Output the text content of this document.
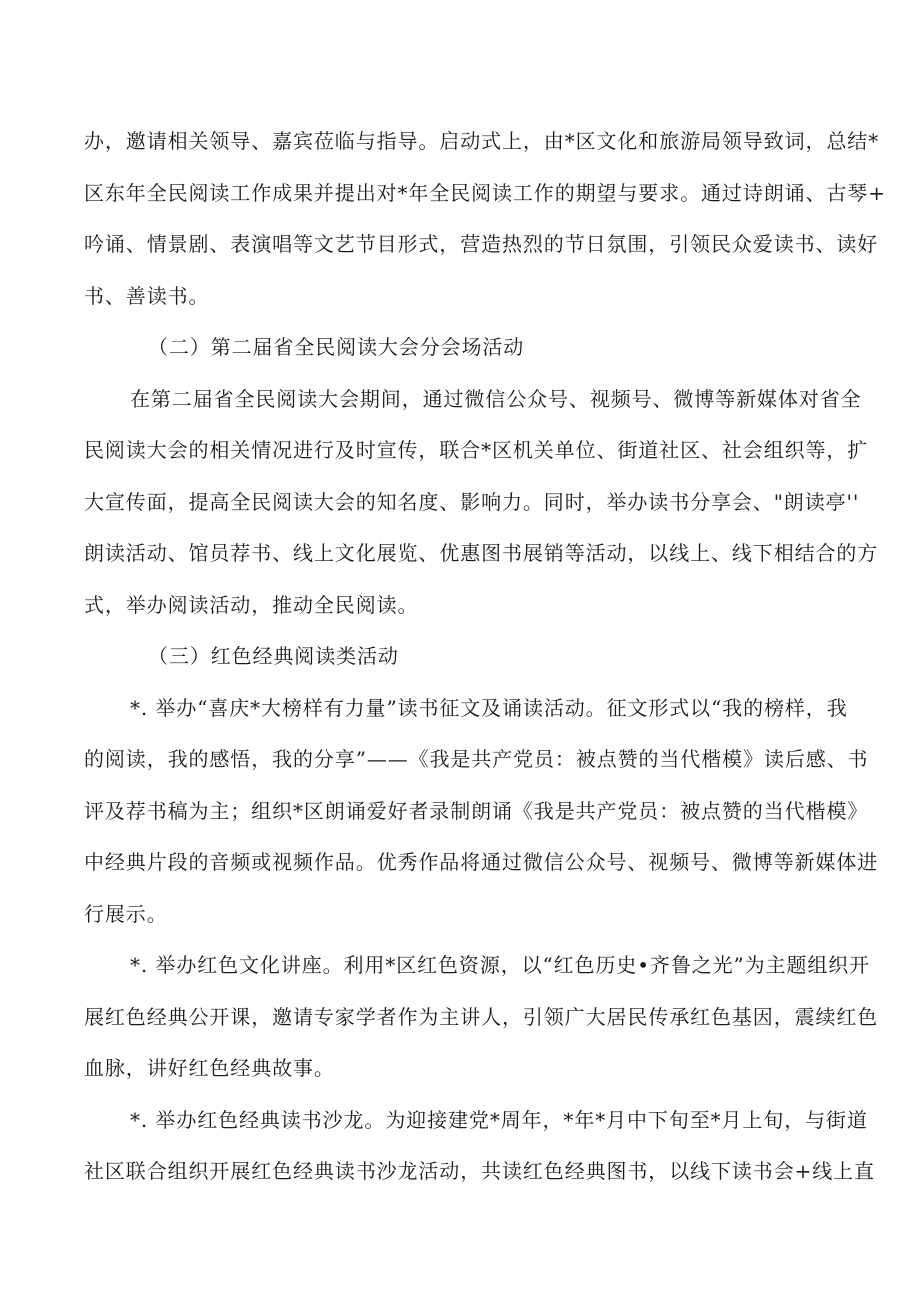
办，邀请相关领导、嘉宾莅临与指导。启动式上，由*区文化和旅游局领导致词，总结*
区东年全民阅读工作成果并提出对*年全民阅读工作的期望与要求。通过诗朗诵、古琴+
吟诵、情景剧、表演唱等文艺节目形式，营造热烈的节日氛围，引领民众爱读书、读好
书、善读书。
（二）第二届省全民阅读大会分会场活动
在第二届省全民阅读大会期间，通过微信公众号、视频号、微博等新媒体对省全
民阅读大会的相关情况进行及时宣传，联合*区机关单位、街道社区、社会组织等，扩
大宣传面，提高全民阅读大会的知名度、影响力。同时，举办读书分享会、"朗读亭''
朗读活动、馆员荐书、线上文化展览、优惠图书展销等活动，以线上、线下相结合的方
式，举办阅读活动，推动全民阅读。
（三）红色经典阅读类活动
*. 举办“喜庆*大榜样有力量”读书征文及诵读活动。征文形式以“我的榜样，我
的阅读，我的感悟，我的分享”——《我是共产党员：被点赞的当代楷模》读后感、书
评及荐书稿为主；组织*区朗诵爱好者录制朗诵《我是共产党员：被点赞的当代楷模》
中经典片段的音频或视频作品。优秀作品将通过微信公众号、视频号、微博等新媒体进
行展示。
*. 举办红色文化讲座。利用*区红色资源，以“红色历史•齐鲁之光”为主题组织开
展红色经典公开课，邀请专家学者作为主讲人，引领广大居民传承红色基因，震续红色
血脉，讲好红色经典故事。
*. 举办红色经典读书沙龙。为迎接建党*周年，*年*月中下旬至*月上旬，与街道
社区联合组织开展红色经典读书沙龙活动，共读红色经典图书，以线下读书会+线上直
